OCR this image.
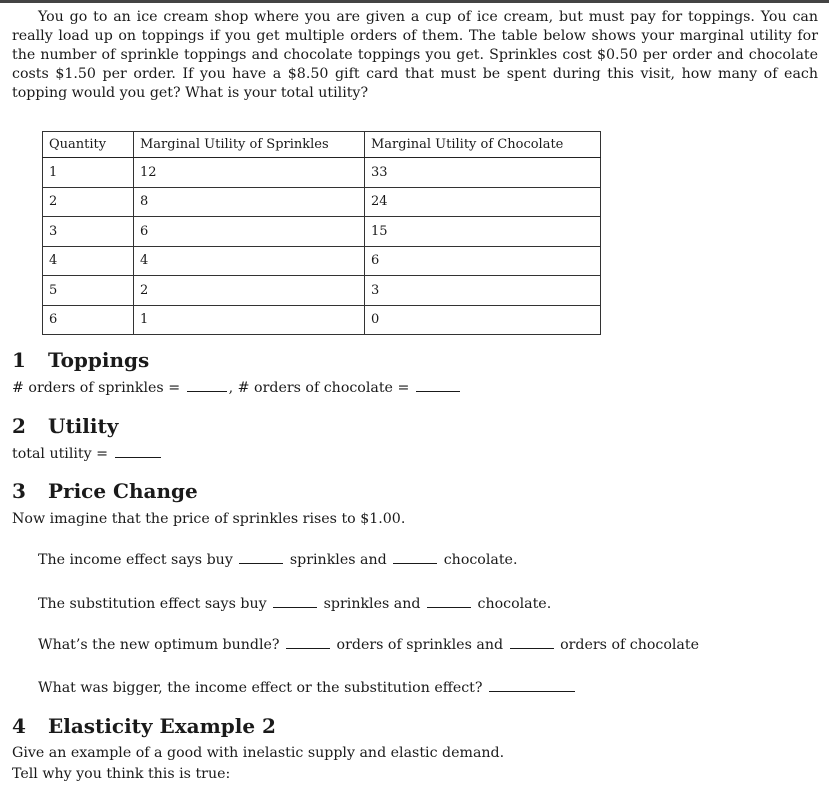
You go to an ice cream shop where you are given a cup of ice cream, but must pay for toppings. You can really load up on toppings if you get multiple orders of them. The table below shows your marginal utility for the number of sprinkle toppings and chocolate toppings you get. Sprinkles cost $0.50 per order and chocolate costs $1.50 per order. If you have a $8.50 gift card that must be spent during this visit, how many of each topping would you get? What is your total utility?
Quantity	Marginal Utility of Sprinkles	Marginal Utility of Chocolate
1	12	33
2	8	24
3	6	15
4	4	6
5	2	3
6	1	0
1 Toppings
# orders of sprinkles =	, # orders of chocolate =
2 Utility
total utility =
3 Price Change
Now imagine that the price of sprinkles rises to $1.00.
The income effect says buy	sprinkles and	chocolate.
The substitution effect says buy	sprinkles and	chocolate.
What’s the new optimum bundle?	orders of sprinkles and	orders of chocolate
What was bigger, the income effect or the substitution effect?
4 Elasticity Example 2
Give an example of a good with inelastic supply and elastic demand.
Tell why you think this is true:
